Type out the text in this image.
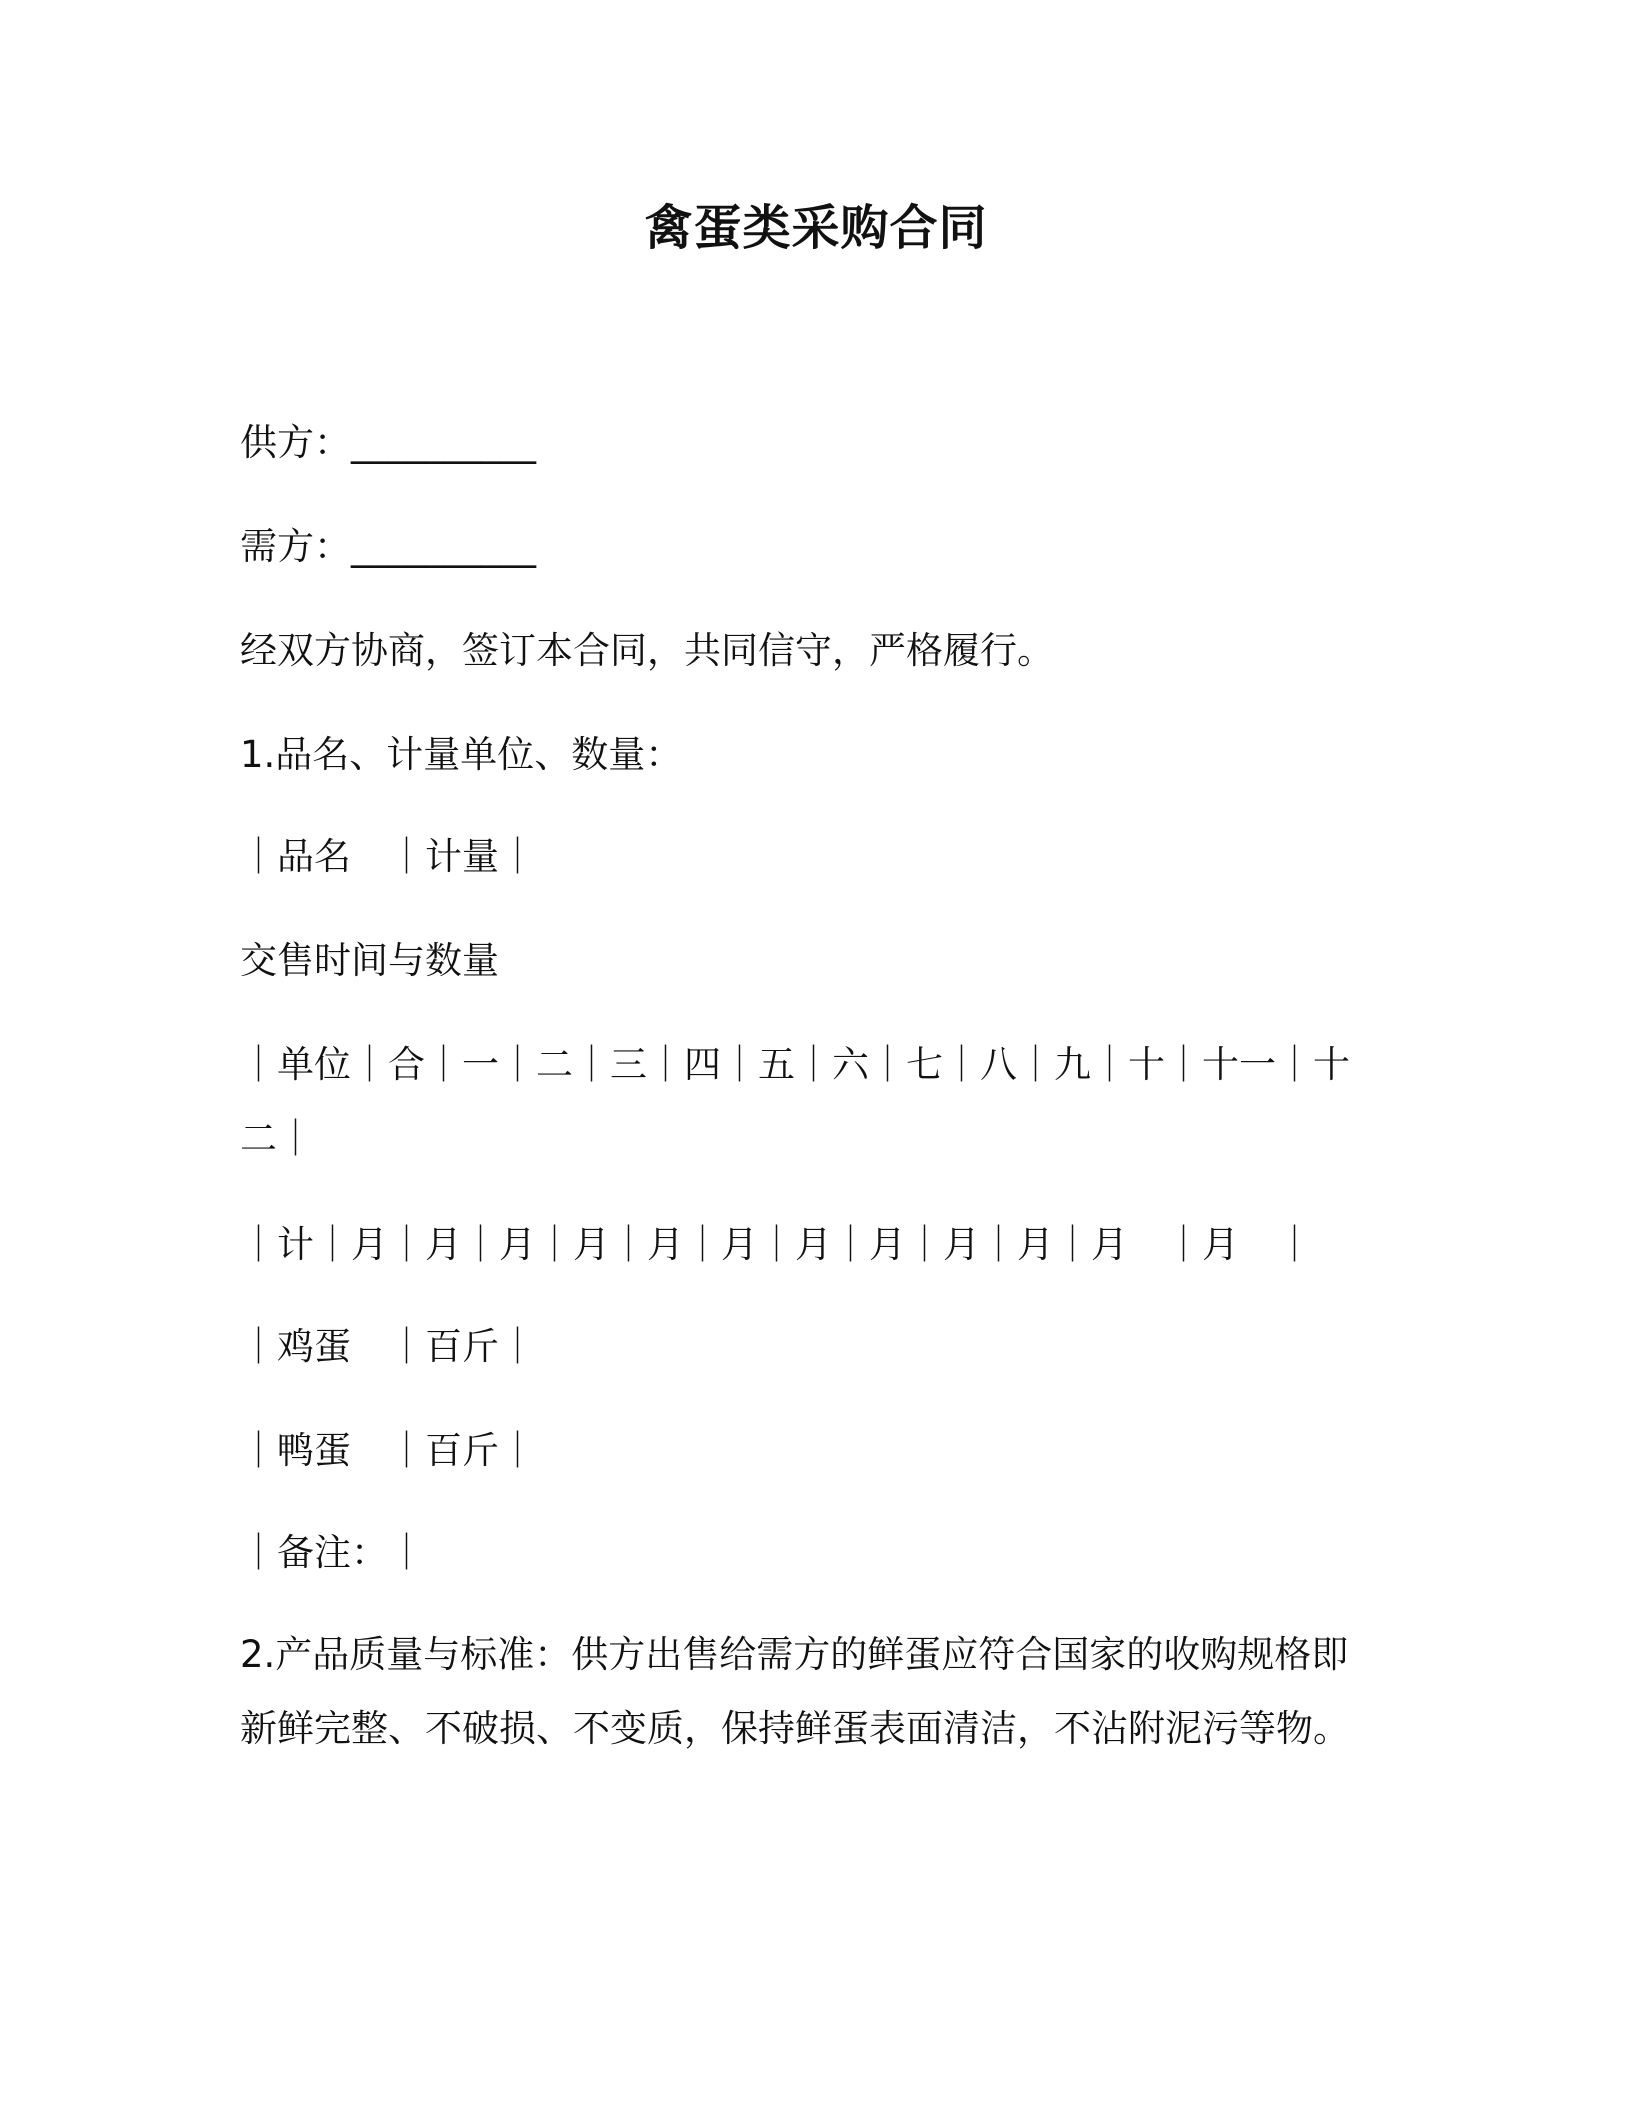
禽蛋类采购合同
供方：__________
需方：__________
经双方协商，签订本合同，共同信守，严格履行。
1.品名、计量单位、数量：
｜品名　｜计量｜
交售时间与数量
｜单位｜合｜一｜二｜三｜四｜五｜六｜七｜八｜九｜十｜十一｜十二｜
｜计｜月｜月｜月｜月｜月｜月｜月｜月｜月｜月｜月　｜月　｜
｜鸡蛋　｜百斤｜
｜鸭蛋　｜百斤｜
｜备注：｜
2.产品质量与标准：供方出售给需方的鲜蛋应符合国家的收购规格即新鲜完整、不破损、不变质，保持鲜蛋表面清洁，不沾附泥污等物。
